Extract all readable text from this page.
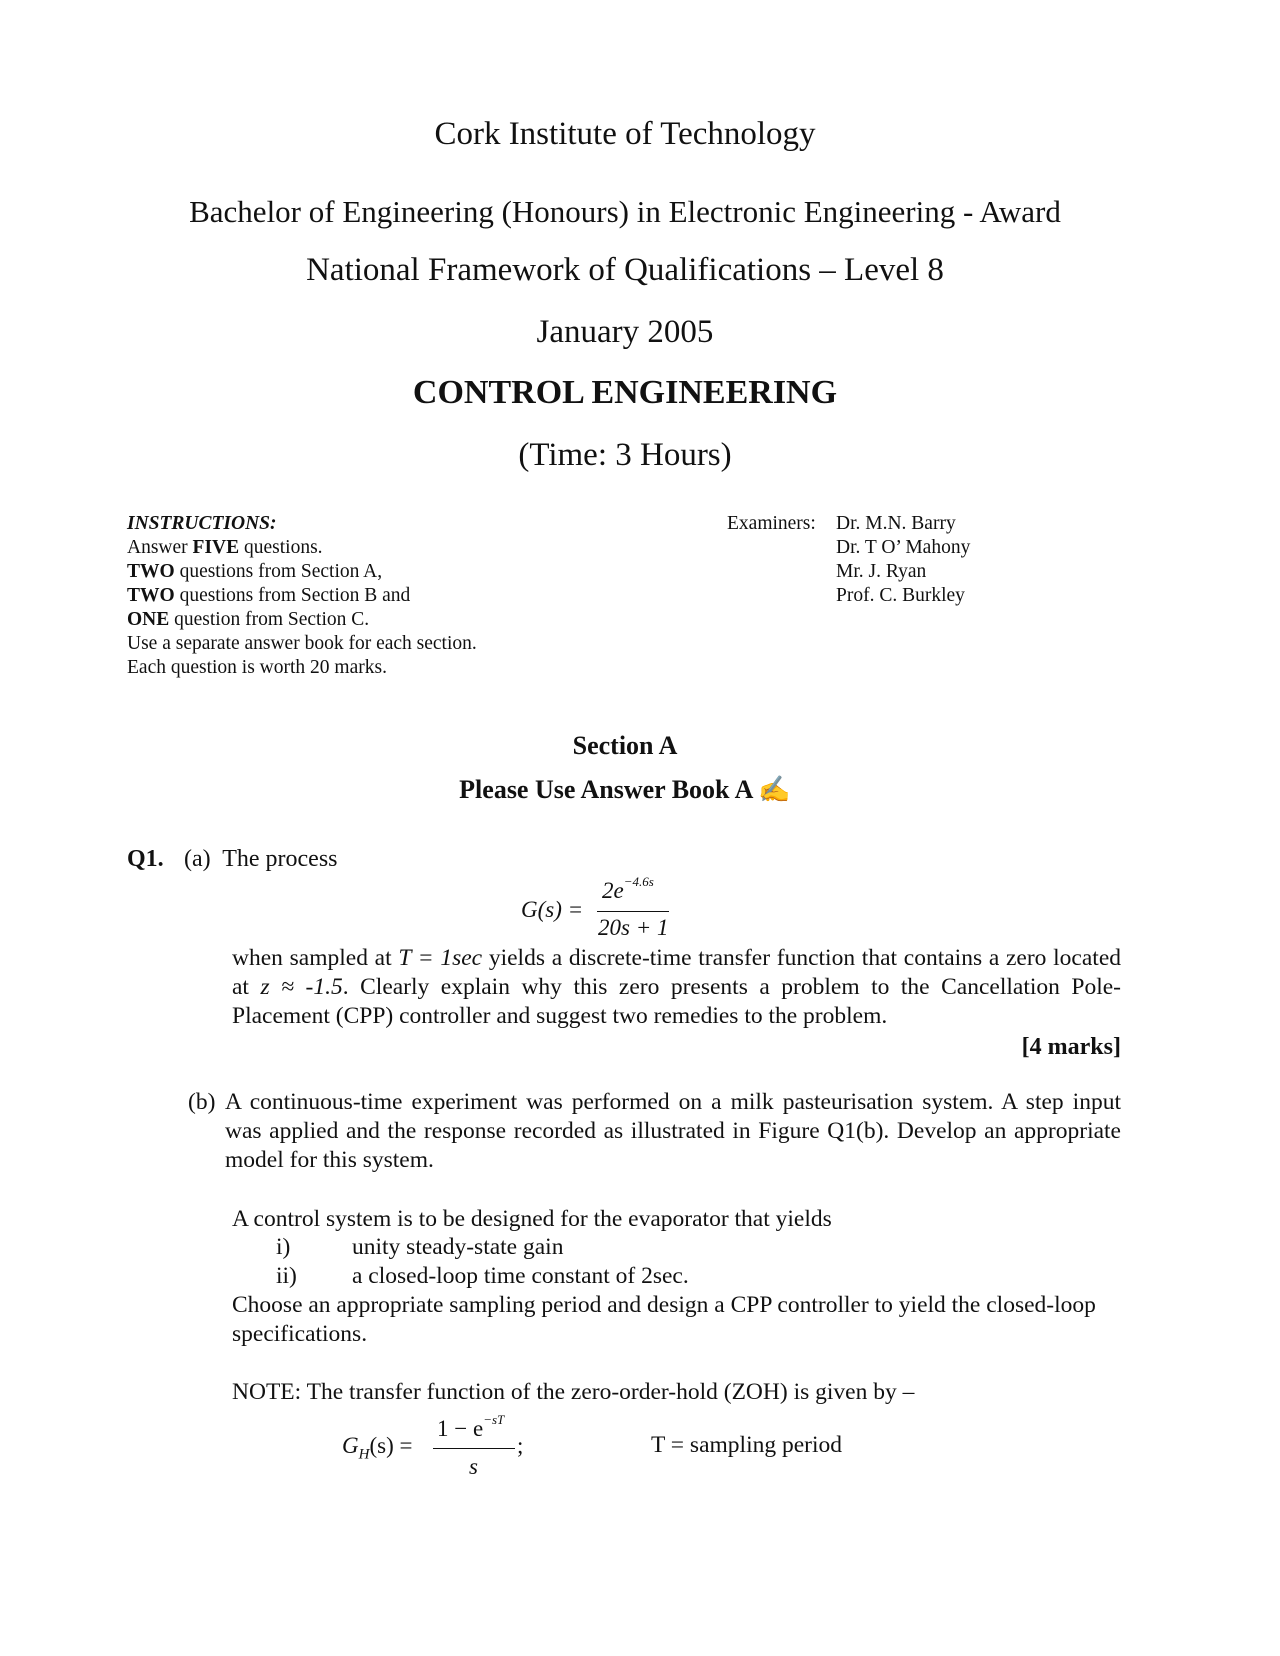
Cork Institute of Technology
Bachelor of Engineering (Honours) in Electronic Engineering - Award
National Framework of Qualifications – Level 8
January 2005
CONTROL ENGINEERING
(Time: 3 Hours)
INSTRUCTIONS:
Answer FIVE questions.
TWO questions from Section A,
TWO questions from Section B and
ONE question from Section C.
Use a separate answer book for each section.
Each question is worth 20 marks.
Examiners: Dr. M.N. Barry
Dr. T O’ Mahony
Mr. J. Ryan
Prof. C. Burkley
Section A
Please Use Answer Book A ✍
Q1. (a) The process
G(s) =
$2e^{-4.6s}$
20s + 1
when sampled at T = 1sec yields a discrete-time transfer function that contains a zero located at z ≈ -1.5. Clearly explain why this zero presents a problem to the Cancellation Pole-Placement (CPP) controller and suggest two remedies to the problem.
[4 marks]
(b) A continuous-time experiment was performed on a milk pasteurisation system. A step input was applied and the response recorded as illustrated in Figure Q1(b). Develop an appropriate model for this system.
A control system is to be designed for the evaporator that yields
i)	unity steady-state gain
ii) a closed-loop time constant of 2sec.
Choose an appropriate sampling period and design a CPP controller to yield the closed-loop specifications.
NOTE: The transfer function of the zero-order-hold (ZOH) is given by –
$G_H(s)$ =
$1 - e^{-sT}$
s
;	T = sampling period
